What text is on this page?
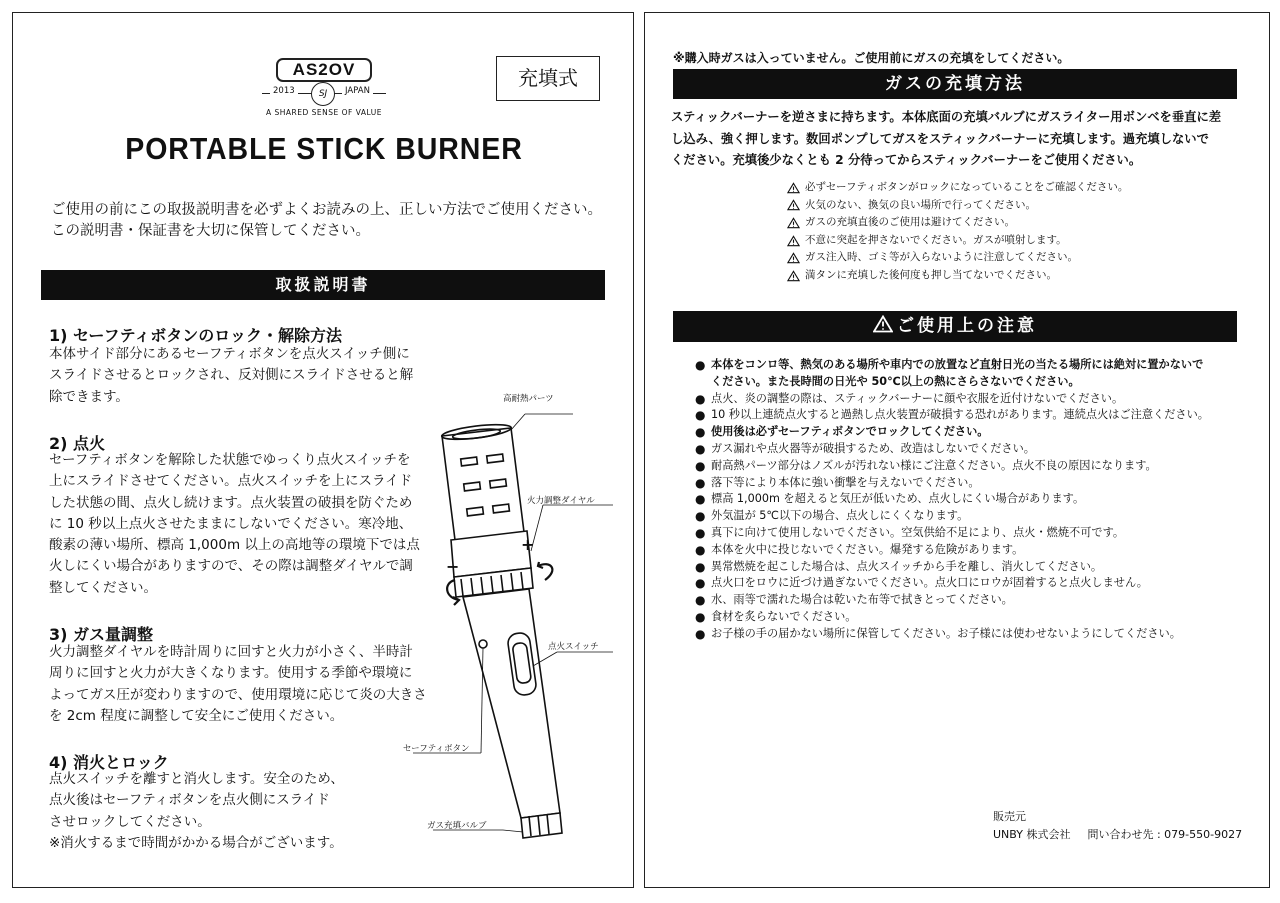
AS2OV
2013	SJ	JAPAN
A SHARED SENSE OF VALUE
充填式
PORTABLE STICK BURNER
ご使用の前にこの取扱説明書を必ずよくお読みの上、正しい方法でご使用ください。
この説明書・保証書を大切に保管してください。
取扱説明書
1) セーフティボタンのロック・解除方法
本体サイド部分にあるセーフティボタンを点火スイッチ側に
スライドさせるとロックされ、反対側にスライドさせると解
除できます。
2) 点火
セーフティボタンを解除した状態でゆっくり点火スイッチを
上にスライドさせてください。点火スイッチを上にスライド
した状態の間、点火し続けます。点火装置の破損を防ぐため
に 10 秒以上点火させたままにしないでください。寒冷地、
酸素の薄い場所、標高 1,000m 以上の高地等の環境下では点
火しにくい場合がありますので、その際は調整ダイヤルで調
整してください。
3) ガス量調整
火力調整ダイヤルを時計周りに回すと火力が小さく、半時計
周りに回すと火力が大きくなります。使用する季節や環境に
よってガス圧が変わりますので、使用環境に応じて炎の大きさ
を 2cm 程度に調整して安全にご使用ください。
4) 消火とロック
点火スイッチを離すと消火します。安全のため、
点火後はセーフティボタンを点火側にスライド
させロックしてください。
※消火するまで時間がかかる場合がございます。
−
+
高耐熱パーツ
火力調整ダイヤル
点火スイッチ
セーフティボタン
ガス充填バルブ
※購入時ガスは入っていません。ご使用前にガスの充填をしてください。
ガスの充填方法
スティックバーナーを逆さまに持ちます。本体底面の充填バルブにガスライター用ボンベを垂直に差
し込み、強く押します。数回ポンプしてガスをスティックバーナーに充填します。過充填しないで
ください。充填後少なくとも 2 分待ってからスティックバーナーをご使用ください。
必ずセーフティボタンがロックになっていることをご確認ください。
火気のない、換気の良い場所で行ってください。
ガスの充填直後のご使用は避けてください。
不意に突起を押さないでください。ガスが噴射します。
ガス注入時、ゴミ等が入らないように注意してください。
満タンに充填した後何度も押し当てないでください。
ご使用上の注意
● 本体をコンロ等、熱気のある場所や車内での放置など直射日光の当たる場所には絶対に置かないで
ください。また長時間の日光や 50℃以上の熱にさらさないでください。
● 点火、炎の調整の際は、スティックバーナーに顔や衣服を近付けないでください。
● 10 秒以上連続点火すると過熱し点火装置が破損する恐れがあります。連続点火はご注意ください。
● 使用後は必ずセーフティボタンでロックしてください。
● ガス漏れや点火器等が破損するため、改造はしないでください。
● 耐高熱パーツ部分はノズルが汚れない様にご注意ください。点火不良の原因になります。
● 落下等により本体に強い衝撃を与えないでください。
● 標高 1,000m を超えると気圧が低いため、点火しにくい場合があります。
● 外気温が 5℃以下の場合、点火しにくくなります。
● 真下に向けて使用しないでください。空気供給不足により、点火・燃焼不可です。
● 本体を火中に投じないでください。爆発する危険があります。
● 異常燃焼を起こした場合は、点火スイッチから手を離し、消火してください。
● 点火口をロウに近づけ過ぎないでください。点火口にロウが固着すると点火しません。
● 水、雨等で濡れた場合は乾いた布等で拭きとってください。
● 食材を炙らないでください。
● お子様の手の届かない場所に保管してください。お子様には使わせないようにしてください。
販売元
UNBY 株式会社 問い合わせ先 : 079-550-9027
